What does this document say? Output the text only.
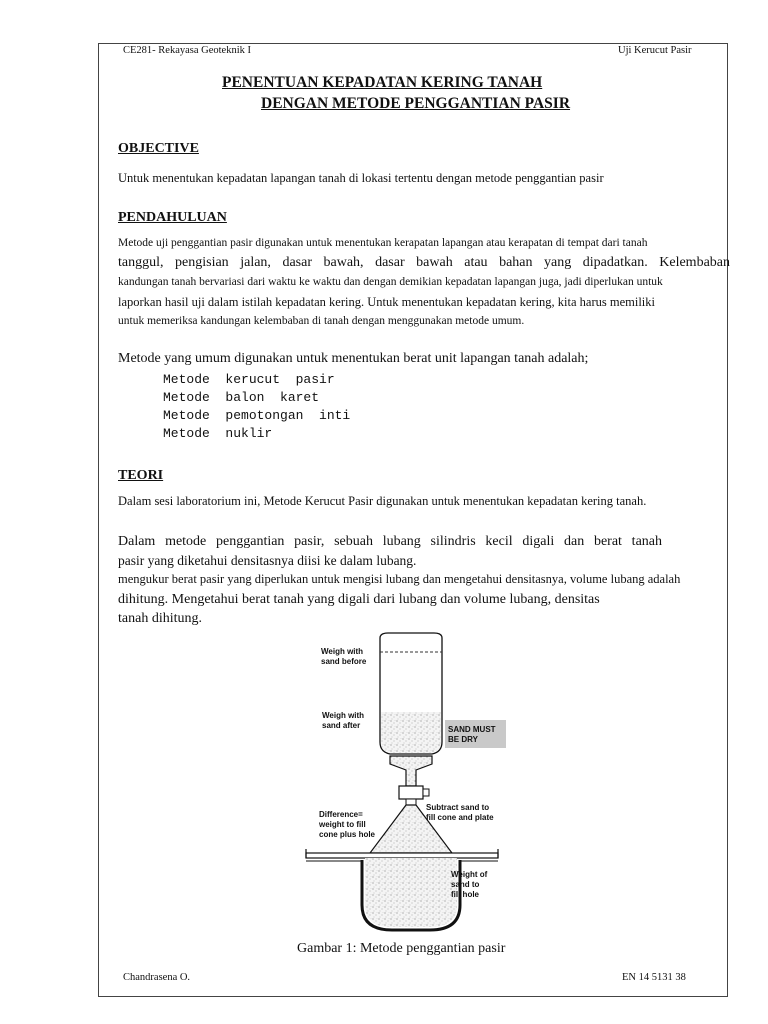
CE281- Rekayasa Geoteknik I	Uji Kerucut Pasir
PENENTUAN KEPADATAN KERING TANAH
DENGAN METODE PENGGANTIAN PASIR
OBJECTIVE
Untuk menentukan kepadatan lapangan tanah di lokasi tertentu dengan metode penggantian pasir
PENDAHULUAN
Metode uji penggantian pasir digunakan untuk menentukan kerapatan lapangan atau kerapatan di tempat dari tanah
tanggul, pengisian jalan, dasar bawah, dasar bawah atau bahan yang dipadatkan. Kelembaban
kandungan tanah bervariasi dari waktu ke waktu dan dengan demikian kepadatan lapangan juga, jadi diperlukan untuk
laporkan hasil uji dalam istilah kepadatan kering. Untuk menentukan kepadatan kering, kita harus memiliki
untuk memeriksa kandungan kelembaban di tanah dengan menggunakan metode umum.
Metode yang umum digunakan untuk menentukan berat unit lapangan tanah adalah;
Metode  kerucut  pasir
Metode  balon  karet
Metode  pemotongan  inti
Metode  nuklir
TEORI
Dalam sesi laboratorium ini, Metode Kerucut Pasir digunakan untuk menentukan kepadatan kering tanah.
Dalam metode penggantian pasir, sebuah lubang silindris kecil digali dan berat tanah
pasir yang diketahui densitasnya diisi ke dalam lubang.
mengukur berat pasir yang diperlukan untuk mengisi lubang dan mengetahui densitasnya, volume lubang adalah
dihitung. Mengetahui berat tanah yang digali dari lubang dan volume lubang, densitas
tanah dihitung.
Weigh with sand before
Weigh with sand after	SAND MUST BE DRY
Subtract sand to fill cone and plate
Difference= weight to fill cone plus hole
Weight of sand to fill hole
Gambar 1: Metode penggantian pasir
Chandrasena O.	EN 14 5131 38
